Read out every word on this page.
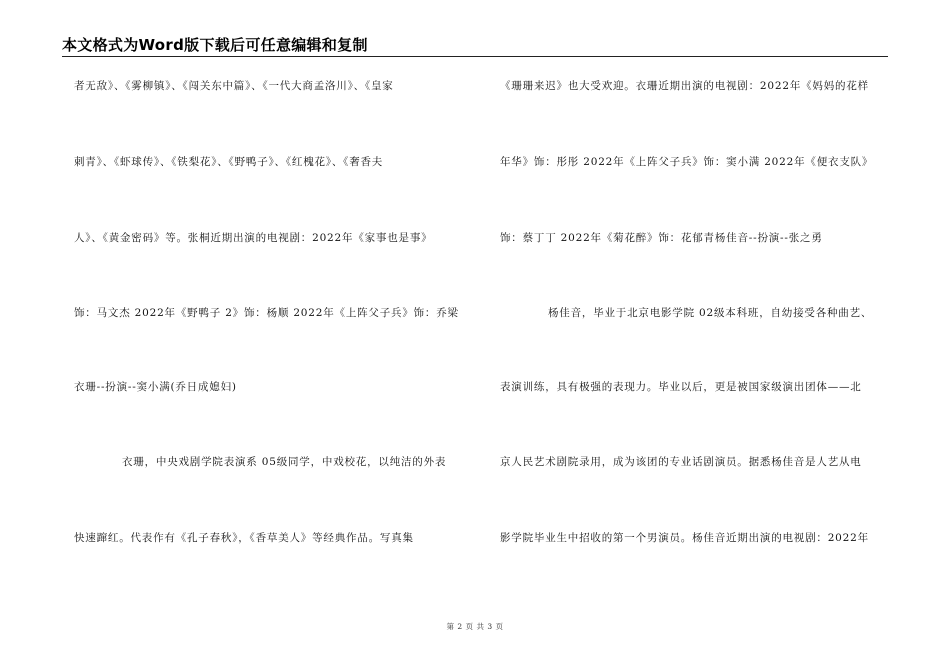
本文格式为Word版下载后可任意编辑和复制
者无敌》、《雾柳镇》、《闯关东中篇》、《一代大商孟洛川》、《皇家
刺青》、《虾球传》、《铁梨花》、《野鸭子》、《红槐花》、《奢香夫
人》、《黄金密码》等。张桐近期出演的电视剧：2022年《家事也是事》
饰：马文杰 2022年《野鸭子 2》饰：杨顺 2022年《上阵父子兵》饰：乔梁
衣珊--扮演--窦小满(乔日成媳妇)
衣珊，中央戏剧学院表演系 05级同学，中戏校花，以纯洁的外表
快速蹿红。代表作有《孔子春秋》，《香草美人》等经典作品。写真集
《珊珊来迟》也大受欢迎。衣珊近期出演的电视剧：2022年《妈妈的花样
年华》饰：彤彤 2022年《上阵父子兵》饰：窦小满 2022年《便衣支队》
饰：蔡丁丁 2022年《菊花醉》饰：花郁青杨佳音--扮演--张之勇
杨佳音，毕业于北京电影学院 02级本科班，自幼接受各种曲艺、
表演训练，具有极强的表现力。毕业以后，更是被国家级演出团体——北
京人民艺术剧院录用，成为该团的专业话剧演员。据悉杨佳音是人艺从电
影学院毕业生中招收的第一个男演员。杨佳音近期出演的电视剧：2022年
第 2 页 共 3 页
